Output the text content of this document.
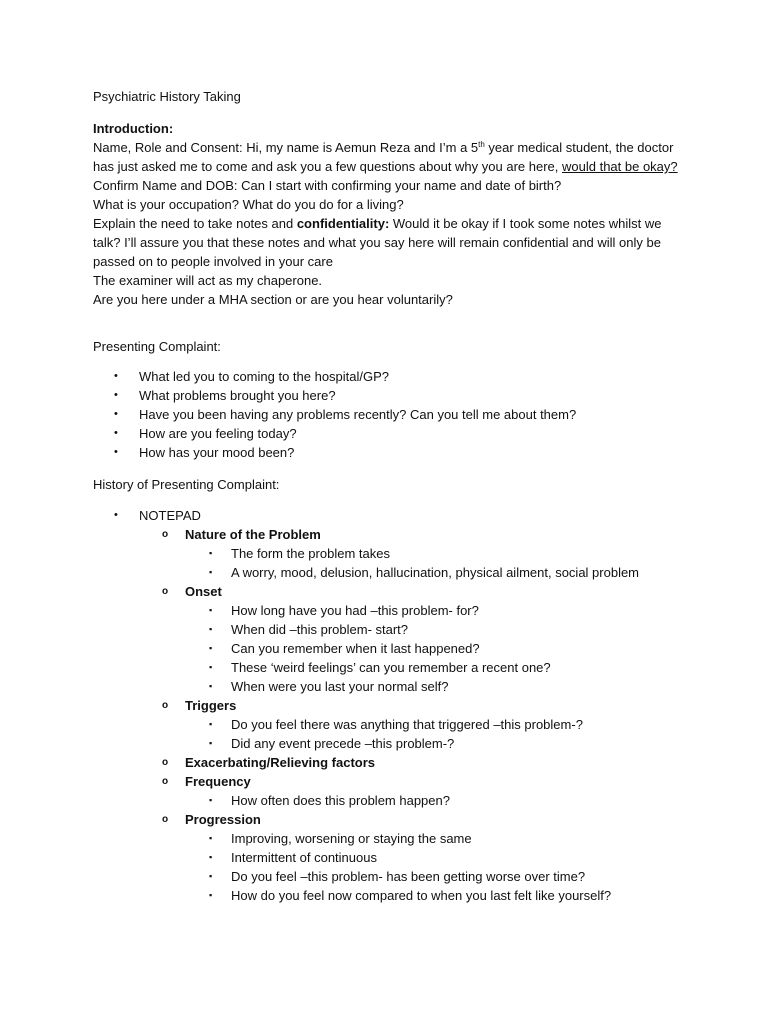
Psychiatric History Taking

Introduction:

Name, Role and Consent: Hi, my name is Aemun Reza and I’m a 5th year medical student, the doctor has just asked me to come and ask you a few questions about why you are here, would that be okay?

Confirm Name and DOB: Can I start with confirming your name and date of birth?

What is your occupation? What do you do for a living?

Explain the need to take notes and confidentiality: Would it be okay if I took some notes whilst we talk? I’ll assure you that these notes and what you say here will remain confidential and will only be passed on to people involved in your care

The examiner will act as my chaperone.

Are you here under a MHA section or are you hear voluntarily?

Presenting Complaint:
• What led you to coming to the hospital/GP?
• What problems brought you here?
• Have you been having any problems recently? Can you tell me about them?
• How are you feeling today?
• How has your mood been?
History of Presenting Complaint:
• NOTEPAD
o Nature of the Problem
▪ The form the problem takes
▪ A worry, mood, delusion, hallucination, physical ailment, social problem
o Onset
▪ How long have you had –this problem- for?
▪ When did –this problem- start?
▪ Can you remember when it last happened?
▪ These ‘weird feelings’ can you remember a recent one?
▪ When were you last your normal self?
o Triggers
▪ Do you feel there was anything that triggered –this problem-?
▪ Did any event precede –this problem-?
o Exacerbating/Relieving factors
o Frequency
▪ How often does this problem happen?
o Progression
▪ Improving, worsening or staying the same
▪ Intermittent of continuous
▪ Do you feel –this problem- has been getting worse over time?
▪ How do you feel now compared to when you last felt like yourself?
